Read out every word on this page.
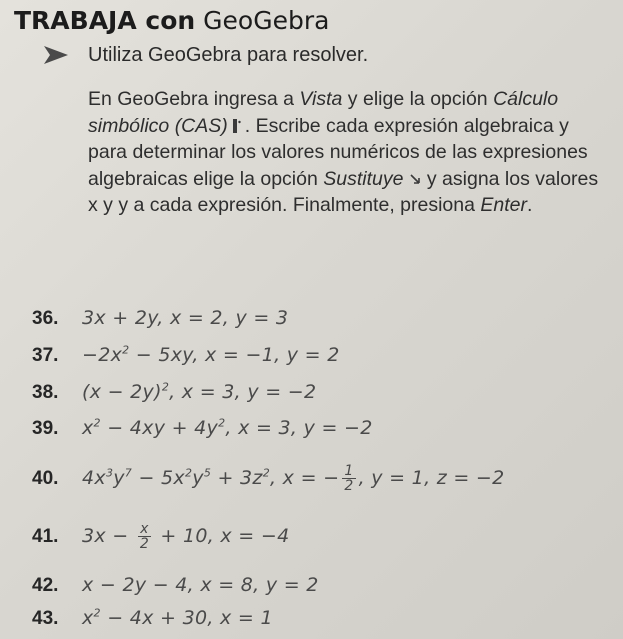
TRABAJA con GeoGebra
Utiliza GeoGebra para resolver.
En GeoGebra ingresa a Vista y elige la opción Cálculo simbólico (CAS) . Escribe cada expresión algebraica y para determinar los valores numéricos de las expresiones algebraicas elige la opción Sustituye y asigna los valores x y y a cada expresión. Finalmente, presiona Enter.
36. 3x + 2y, x = 2, y = 3
37. $-2x^2 - 5xy$, x = −1, y = 2
38. $(x - 2y)^2$, x = 3, y = −2
39. $x^2 - 4xy + 4y^2$, x = 3, y = −2
40. $4x^3y^7 - 5x^2y^5 + 3z^2$, x = − $\frac{1}{2}$ , y = 1, z = −2
41. $3x - \frac{x}{2} + 10$, x = −4
42. x − 2y − 4, x = 8, y = 2
43. $x^2 - 4x + 30$, x = 1
